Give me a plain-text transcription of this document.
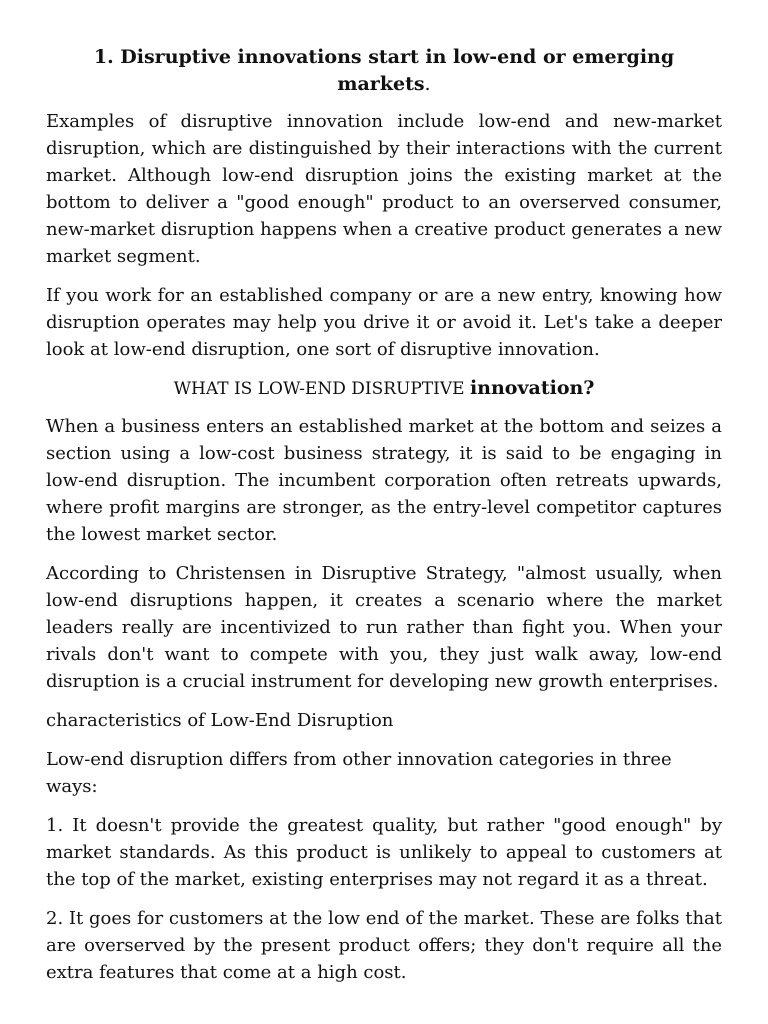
1. Disruptive innovations start in low-end or emerging markets.

Examples of disruptive innovation include low-end and new-market disruption, which are distinguished by their interactions with the current market. Although low-end disruption joins the existing market at the bottom to deliver a "good enough" product to an overserved consumer, new-market disruption happens when a creative product generates a new market segment.

If you work for an established company or are a new entry, knowing how disruption operates may help you drive it or avoid it. Let's take a deeper look at low-end disruption, one sort of disruptive innovation.

WHAT IS LOW-END DISRUPTIVE innovation?

When a business enters an established market at the bottom and seizes a section using a low-cost business strategy, it is said to be engaging in low-end disruption. The incumbent corporation often retreats upwards, where profit margins are stronger, as the entry-level competitor captures the lowest market sector.

According to Christensen in Disruptive Strategy, "almost usually, when low-end disruptions happen, it creates a scenario where the market leaders really are incentivized to run rather than fight you. When your rivals don't want to compete with you, they just walk away, low-end disruption is a crucial instrument for developing new growth enterprises.

characteristics of Low-End Disruption

Low-end disruption differs from other innovation categories in three ways:

1. It doesn't provide the greatest quality, but rather "good enough" by market standards. As this product is unlikely to appeal to customers at the top of the market, existing enterprises may not regard it as a threat.

2. It goes for customers at the low end of the market. These are folks that are overserved by the present product offers; they don't require all the extra features that come at a high cost.
